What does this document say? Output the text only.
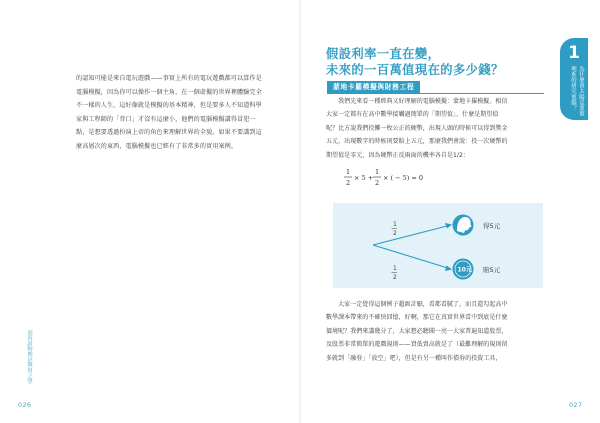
的認知可能是來自電玩遊戲——事實上所有的電玩遊戲都可以算作是
電腦模擬，因為你可以操作一個主角，在一個虛擬的世界裡體驗完全
不一樣的人生，這好像就是模擬的基本精神，但是要多人不知道科學
家與工程師的「背口」才沒有這麼小，他們的電腦模擬講得冒犯一
點，是想要透過扮演上帝的角色來理解世界的全貌。如果不要講到這
麼高層次的東西，電腦模擬也已經有了非常多的實用案例。
別再說物理是無用之學
026
假設利率一直在變，
未來的一百萬值現在的多少錢？
蒙地卡羅模擬與財務工程
　　我們先來看一種經典又好理解的電腦模擬：蒙地卡羅模擬。相信
大家一定都有在高中數學接觸過簡單的「期望值」，什麼是期望值
呢？比方說我們投擲一枚公正的硬幣，出現人頭的時候可以得到獎金
五元，出現數字的時候則要賠上五元，那麼我們會說：投一次硬幣的
期望值是零元，因為硬幣正反兩面的機率各自是1/2：
1
2
× 5 +
1
2
× ( − 5) = 0
1
2
1
2
得5元
10元 賠5元
　　大家一定覺得這個例子超級計厭，看都看膩了，而且還勾起高中
數學課本帶來的不確快回憶，好啊，那它在真實世界當中到底是什麼
價境呢？我們來講幾分了，大家想必聽聞一亮一大家普遍知道股票，
及股票非常簡單的遊戲規則——買低賣高就是了（最難理解的規則留
多就到「融券」「放空」吧），但是有另一種叫作債券的投資工具，
1
為什麼會太陽是要被理系的研究電腦？
027
